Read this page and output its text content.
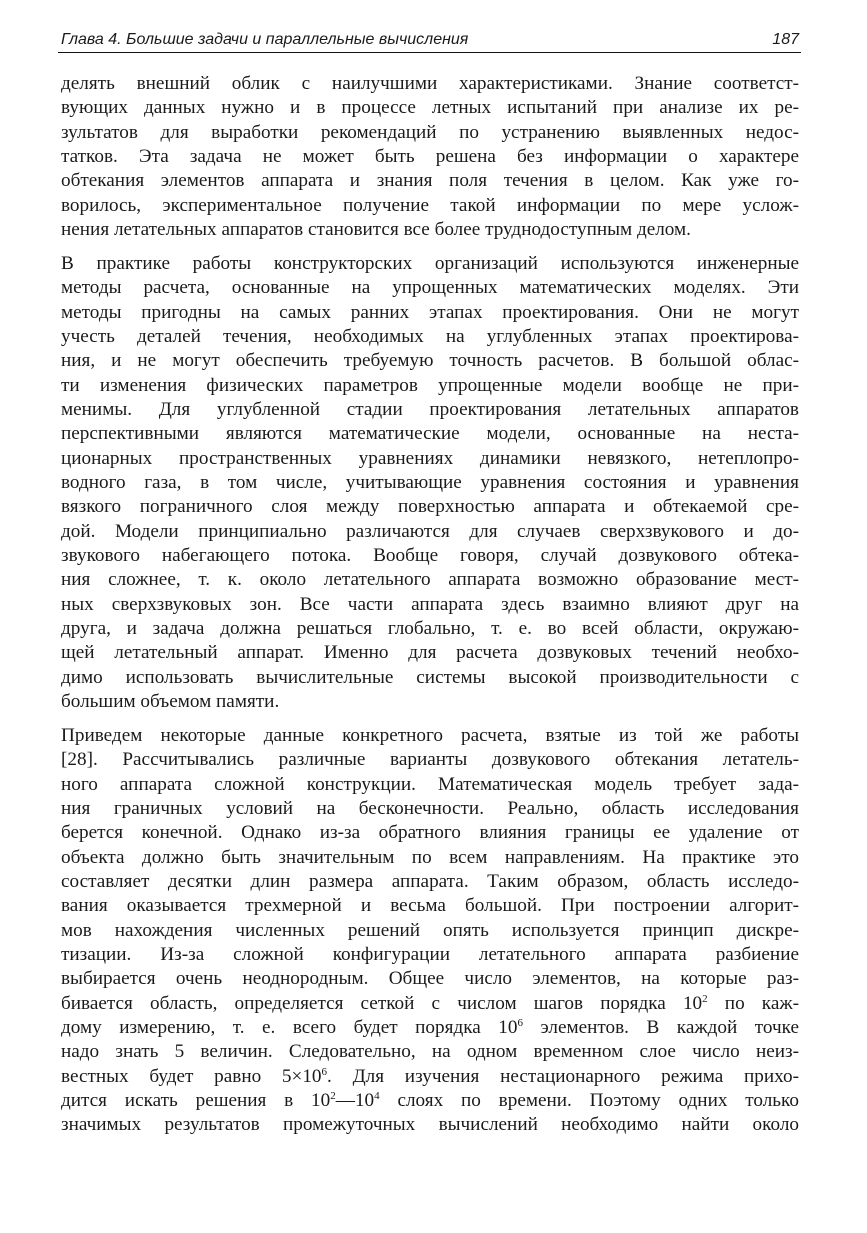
Глава 4. Большие задачи и параллельные вычисления	187
делять внешний облик с наилучшими характеристиками. Знание соответст-
вующих данных нужно и в процессе летных испытаний при анализе их ре-
зультатов для выработки рекомендаций по устранению выявленных недос-
татков. Эта задача не может быть решена без информации о характере
обтекания элементов аппарата и знания поля течения в целом. Как уже го-
ворилось, экспериментальное получение такой информации по мере услож-
нения летательных аппаратов становится все более труднодоступным делом.
В практике работы конструкторских организаций используются инженерные
методы расчета, основанные на упрощенных математических моделях. Эти
методы пригодны на самых ранних этапах проектирования. Они не могут
учесть деталей течения, необходимых на углубленных этапах проектирова-
ния, и не могут обеспечить требуемую точность расчетов. В большой облас-
ти изменения физических параметров упрощенные модели вообще не при-
менимы. Для углубленной стадии проектирования летательных аппаратов
перспективными являются математические модели, основанные на неста-
ционарных пространственных уравнениях динамики невязкого, нетеплопро-
водного газа, в том числе, учитывающие уравнения состояния и уравнения
вязкого пограничного слоя между поверхностью аппарата и обтекаемой сре-
дой. Модели принципиально различаются для случаев сверхзвукового и до-
звукового набегающего потока. Вообще говоря, случай дозвукового обтека-
ния сложнее, т. к. около летательного аппарата возможно образование мест-
ных сверхзвуковых зон. Все части аппарата здесь взаимно влияют друг на
друга, и задача должна решаться глобально, т. е. во всей области, окружаю-
щей летательный аппарат. Именно для расчета дозвуковых течений необхо-
димо использовать вычислительные системы высокой производительности с
большим объемом памяти.
Приведем некоторые данные конкретного расчета, взятые из той же работы
[28]. Рассчитывались различные варианты дозвукового обтекания летатель-
ного аппарата сложной конструкции. Математическая модель требует зада-
ния граничных условий на бесконечности. Реально, область исследования
берется конечной. Однако из-за обратного влияния границы ее удаление от
объекта должно быть значительным по всем направлениям. На практике это
составляет десятки длин размера аппарата. Таким образом, область исследо-
вания оказывается трехмерной и весьма большой. При построении алгорит-
мов нахождения численных решений опять используется принцип дискре-
тизации. Из-за сложной конфигурации летательного аппарата разбиение
выбирается очень неоднородным. Общее число элементов, на которые раз-
бивается область, определяется сеткой с числом шагов порядка $10^2$ по каж-
дому измерению, т. е. всего будет порядка $10^6$ элементов. В каждой точке
надо знать 5 величин. Следовательно, на одном временном слое число неиз-
вестных будет равно $5\times 10^6$. Для изучения нестационарного режима прихо-
дится искать решения в $10^2—10^4$ слоях по времени. Поэтому одних только
значимых результатов промежуточных вычислений необходимо найти около
